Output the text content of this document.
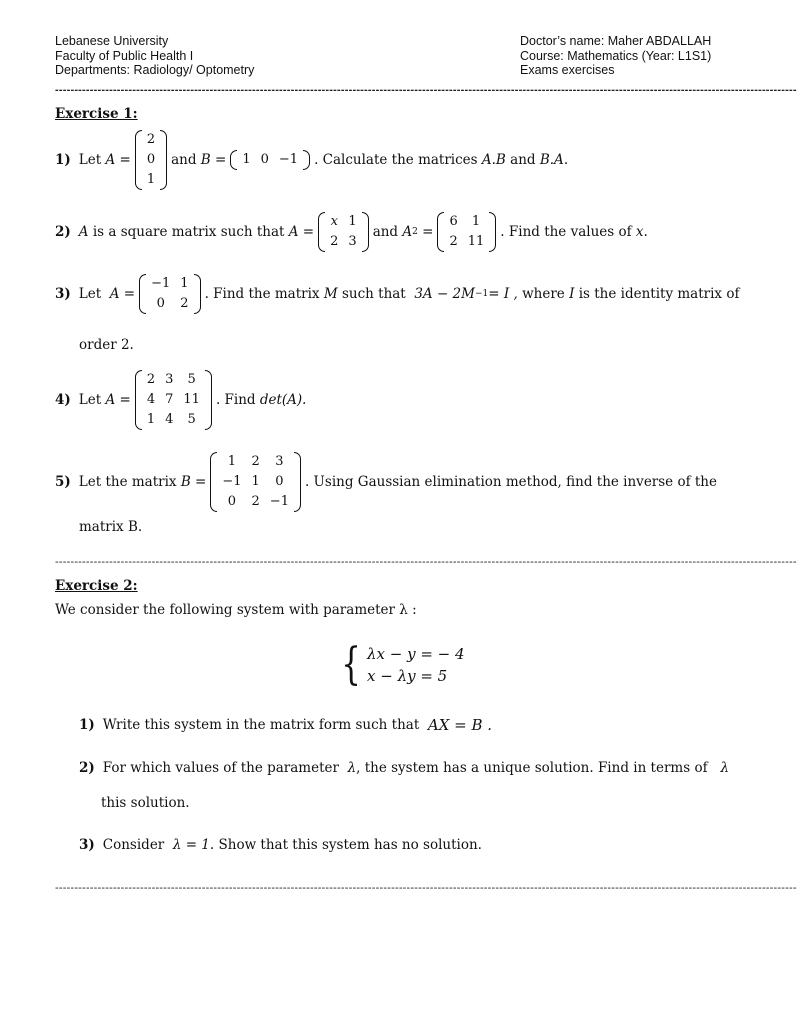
Lebanese University
Faculty of Public Health I
Departments: Radiology/ Optometry
Doctor’s name: Maher ABDALLAH
Course: Mathematics (Year: L1S1)
Exams exercises
------------------------------------------------------------------------------------------------------------------------------------------------------------------------------------------------
Exercise 1:
1) Let
A =
2
0
1
and
B = 1	0	−1 . Calculate the matrices
A.B
and
B.A .
2) A
is a square matrix such that
A =
x	1
2	3
and
A 2
=
6	1
2	11
. Find the values of
x .
3) Let
A =
−1	1
0	2
. Find the matrix
M
such that
3A − 2M −1 = I ,
where
I
is the identity matrix of
order 2.
4) Let
A =
2	3	5
4	7	11
1	4	5
. Find
det(A).
5) Let the matrix
B =
1	2	3
−1	1	0
0	2	−1
. Using Gaussian elimination method, find the inverse of the
matrix B.
------------------------------------------------------------------------------------------------------------------------------------------------------------------------------------------------
Exercise 2:
We consider the following system with parameter λ :
{ λx − y = − 4
x − λy = 5
1) Write this system in the matrix form such that
AX = B .
2) For which values of the parameter
λ , the system has a unique solution. Find in terms of
λ
this solution.
3) Consider
λ = 1.
Show that this system has no solution.
------------------------------------------------------------------------------------------------------------------------------------------------------------------------------------------------
